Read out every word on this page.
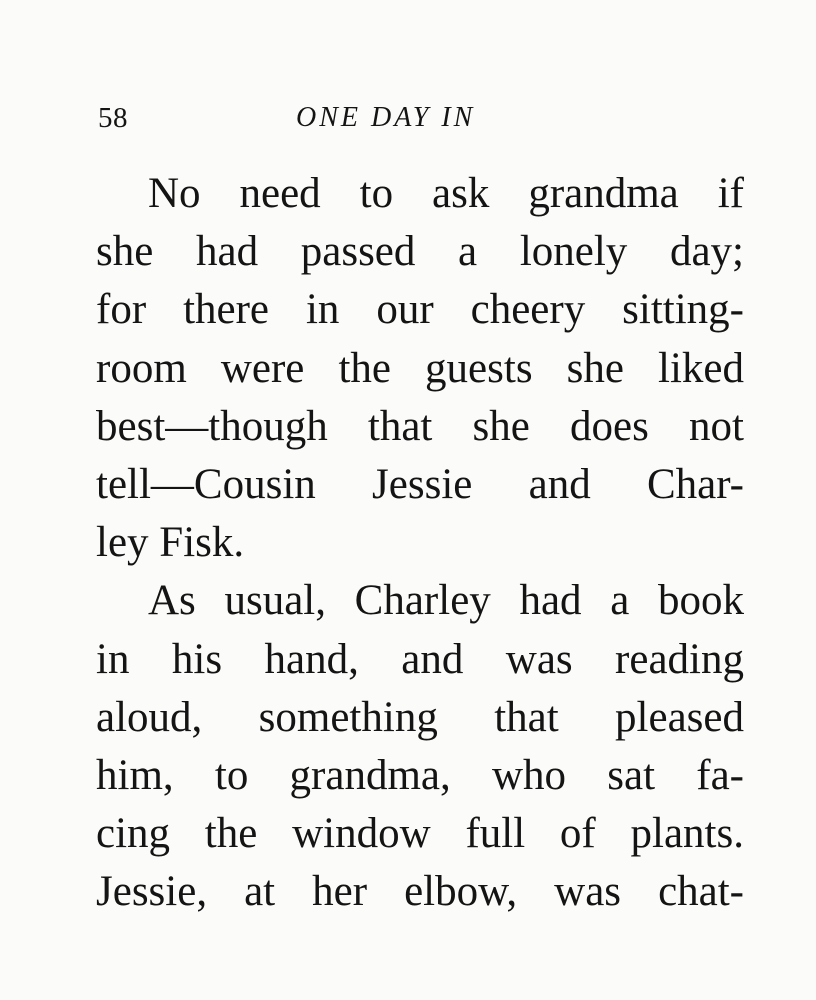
58	ONE DAY IN
No need to ask grandma if
she had passed a lonely day;
for there in our cheery sitting-
room were the guests she liked
best—though that she does not
tell—Cousin Jessie and Char-
ley Fisk.
As usual, Charley had a book
in his hand, and was reading
aloud, something that pleased
him, to grandma, who sat fa-
cing the window full of plants.
Jessie, at her elbow, was chat-
